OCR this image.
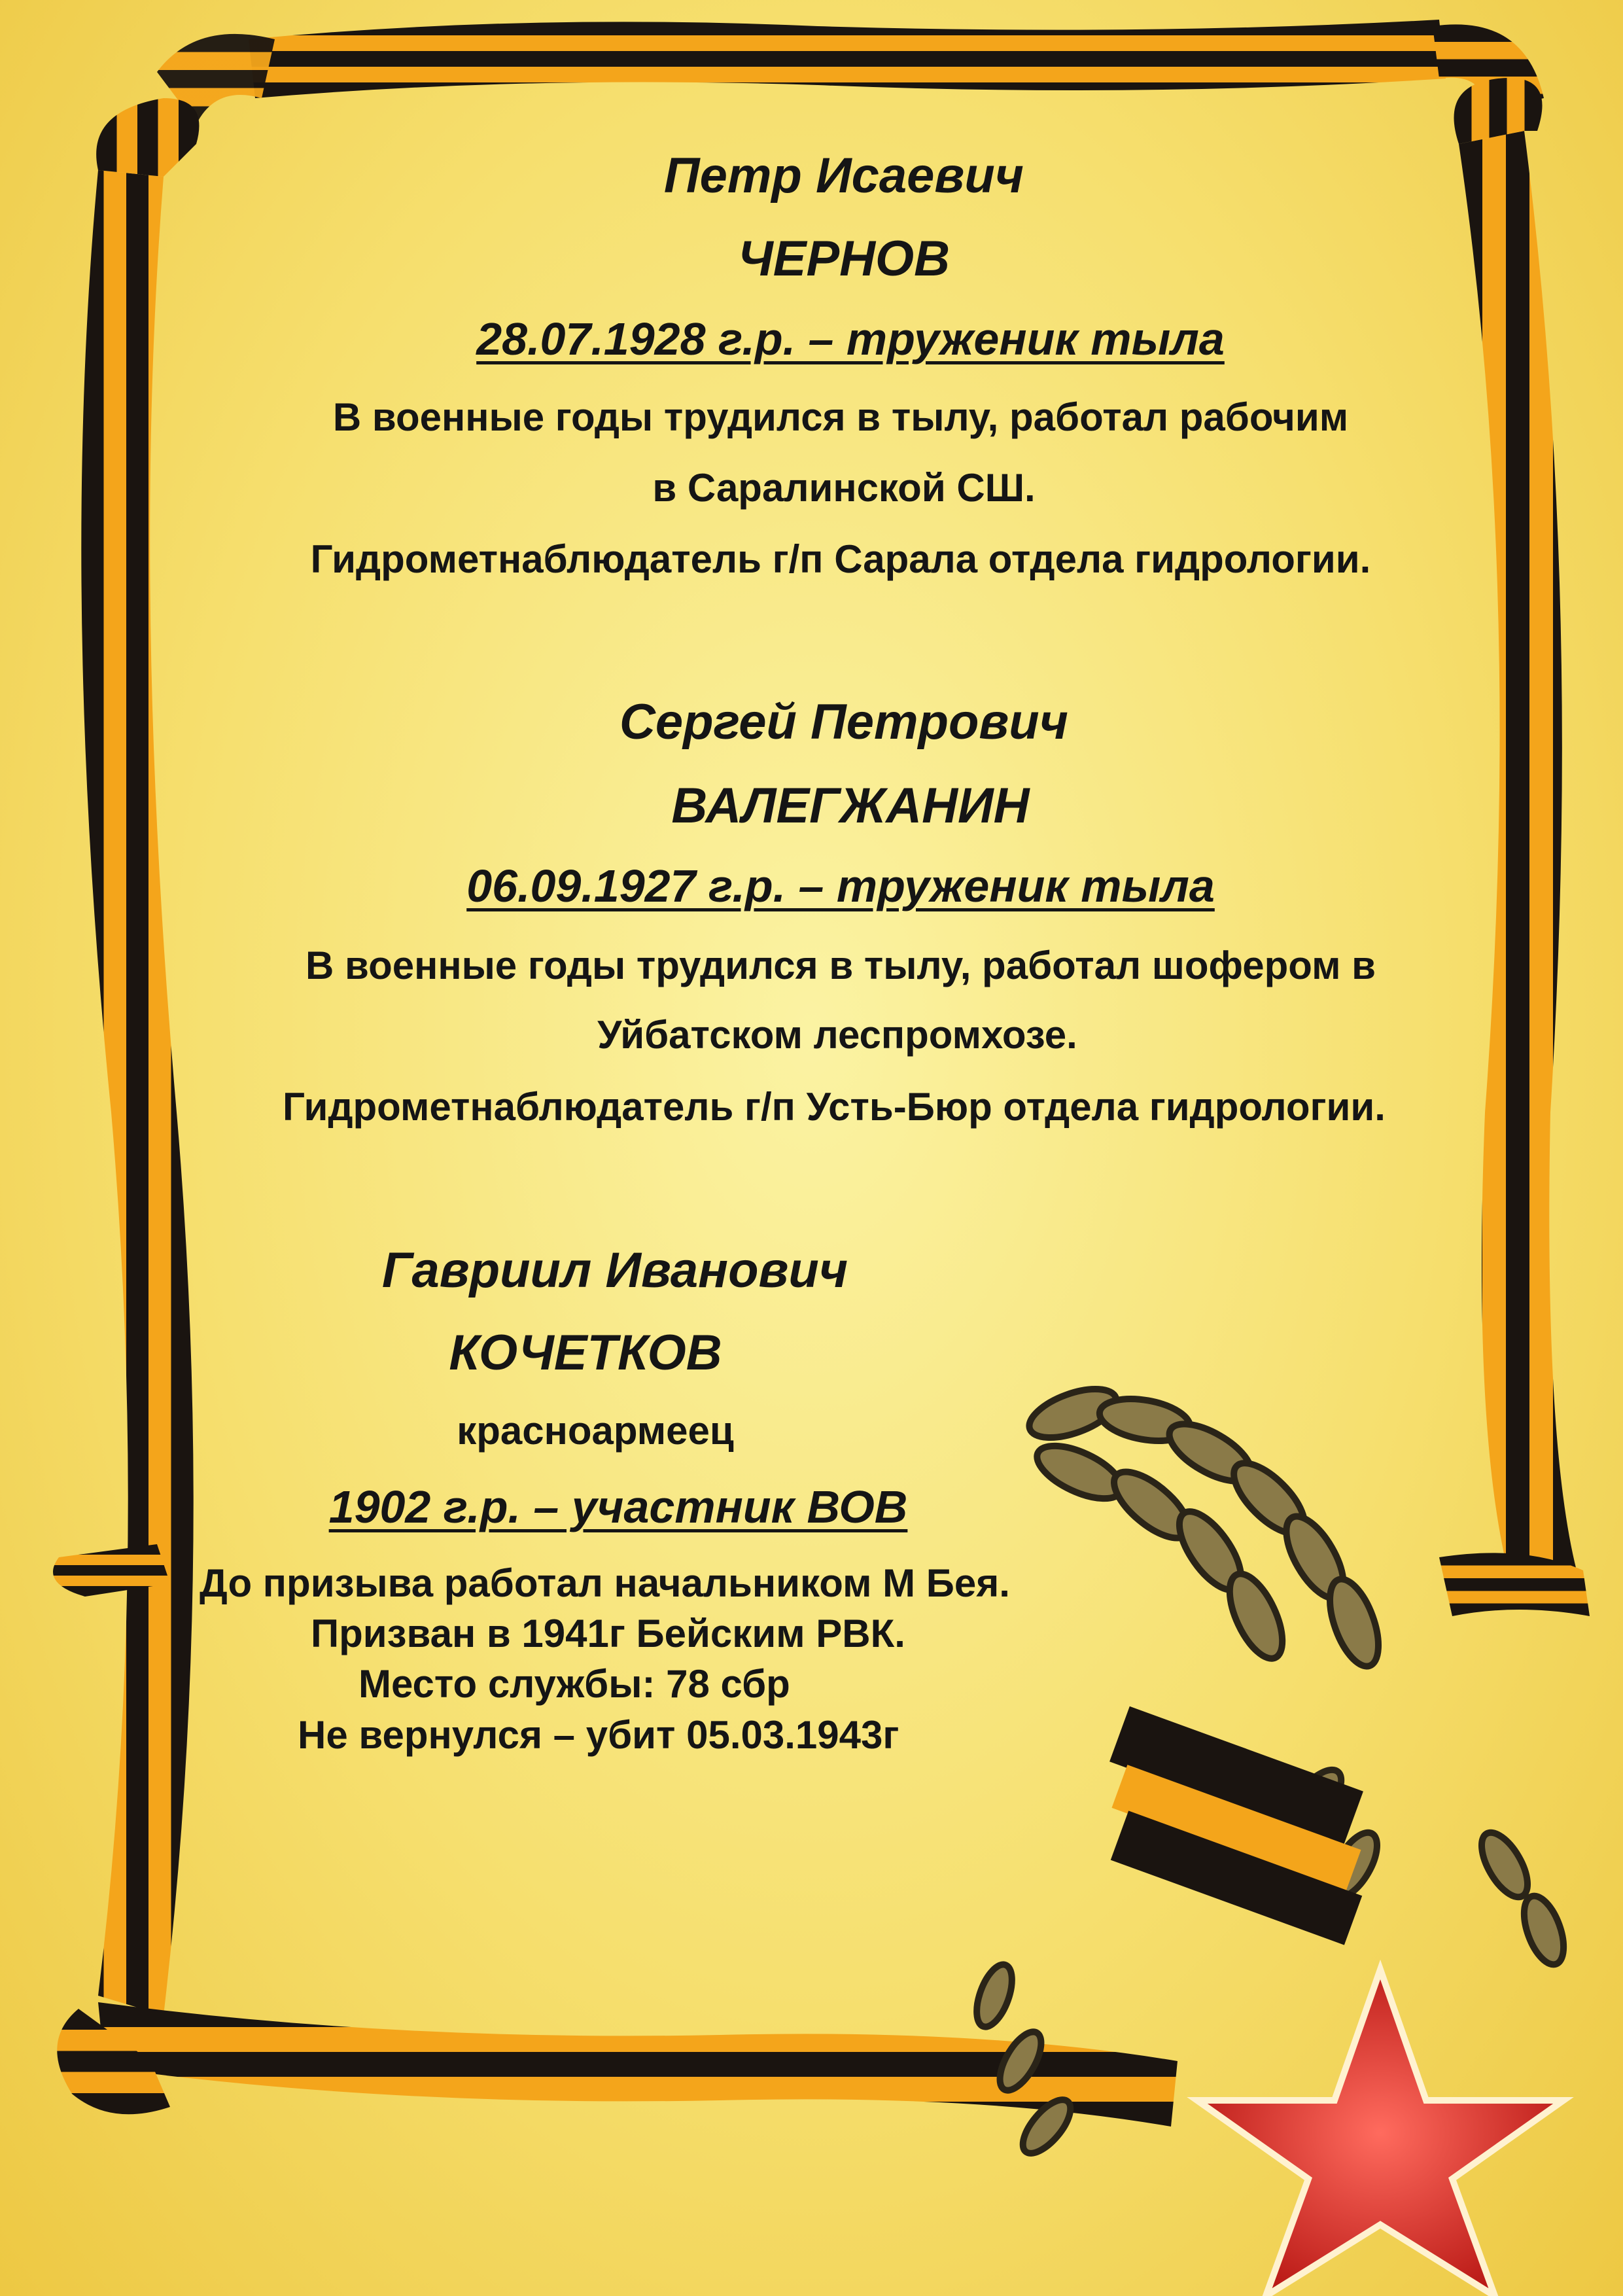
Петр Исаевич
ЧЕРНОВ
28.07.1928 г.р. – труженик тыла
В военные годы трудился в тылу, работал рабочим
в Саралинской СШ.
Гидрометнаблюдатель г/п Сарала отдела гидрологии.
Сергей Петрович
ВАЛЕГЖАНИН
06.09.1927 г.р. – труженик тыла
В военные годы трудился в тылу, работал шофером в
Уйбатском леспромхозе.
Гидрометнаблюдатель г/п Усть-Бюр отдела гидрологии.
Гавриил Иванович
КОЧЕТКОВ
красноармеец
1902 г.р. – участник ВОВ
До призыва работал начальником М Бея.
Призван в 1941г Бейским РВК.
Место службы: 78 сбр
Не вернулся – убит 05.03.1943г
